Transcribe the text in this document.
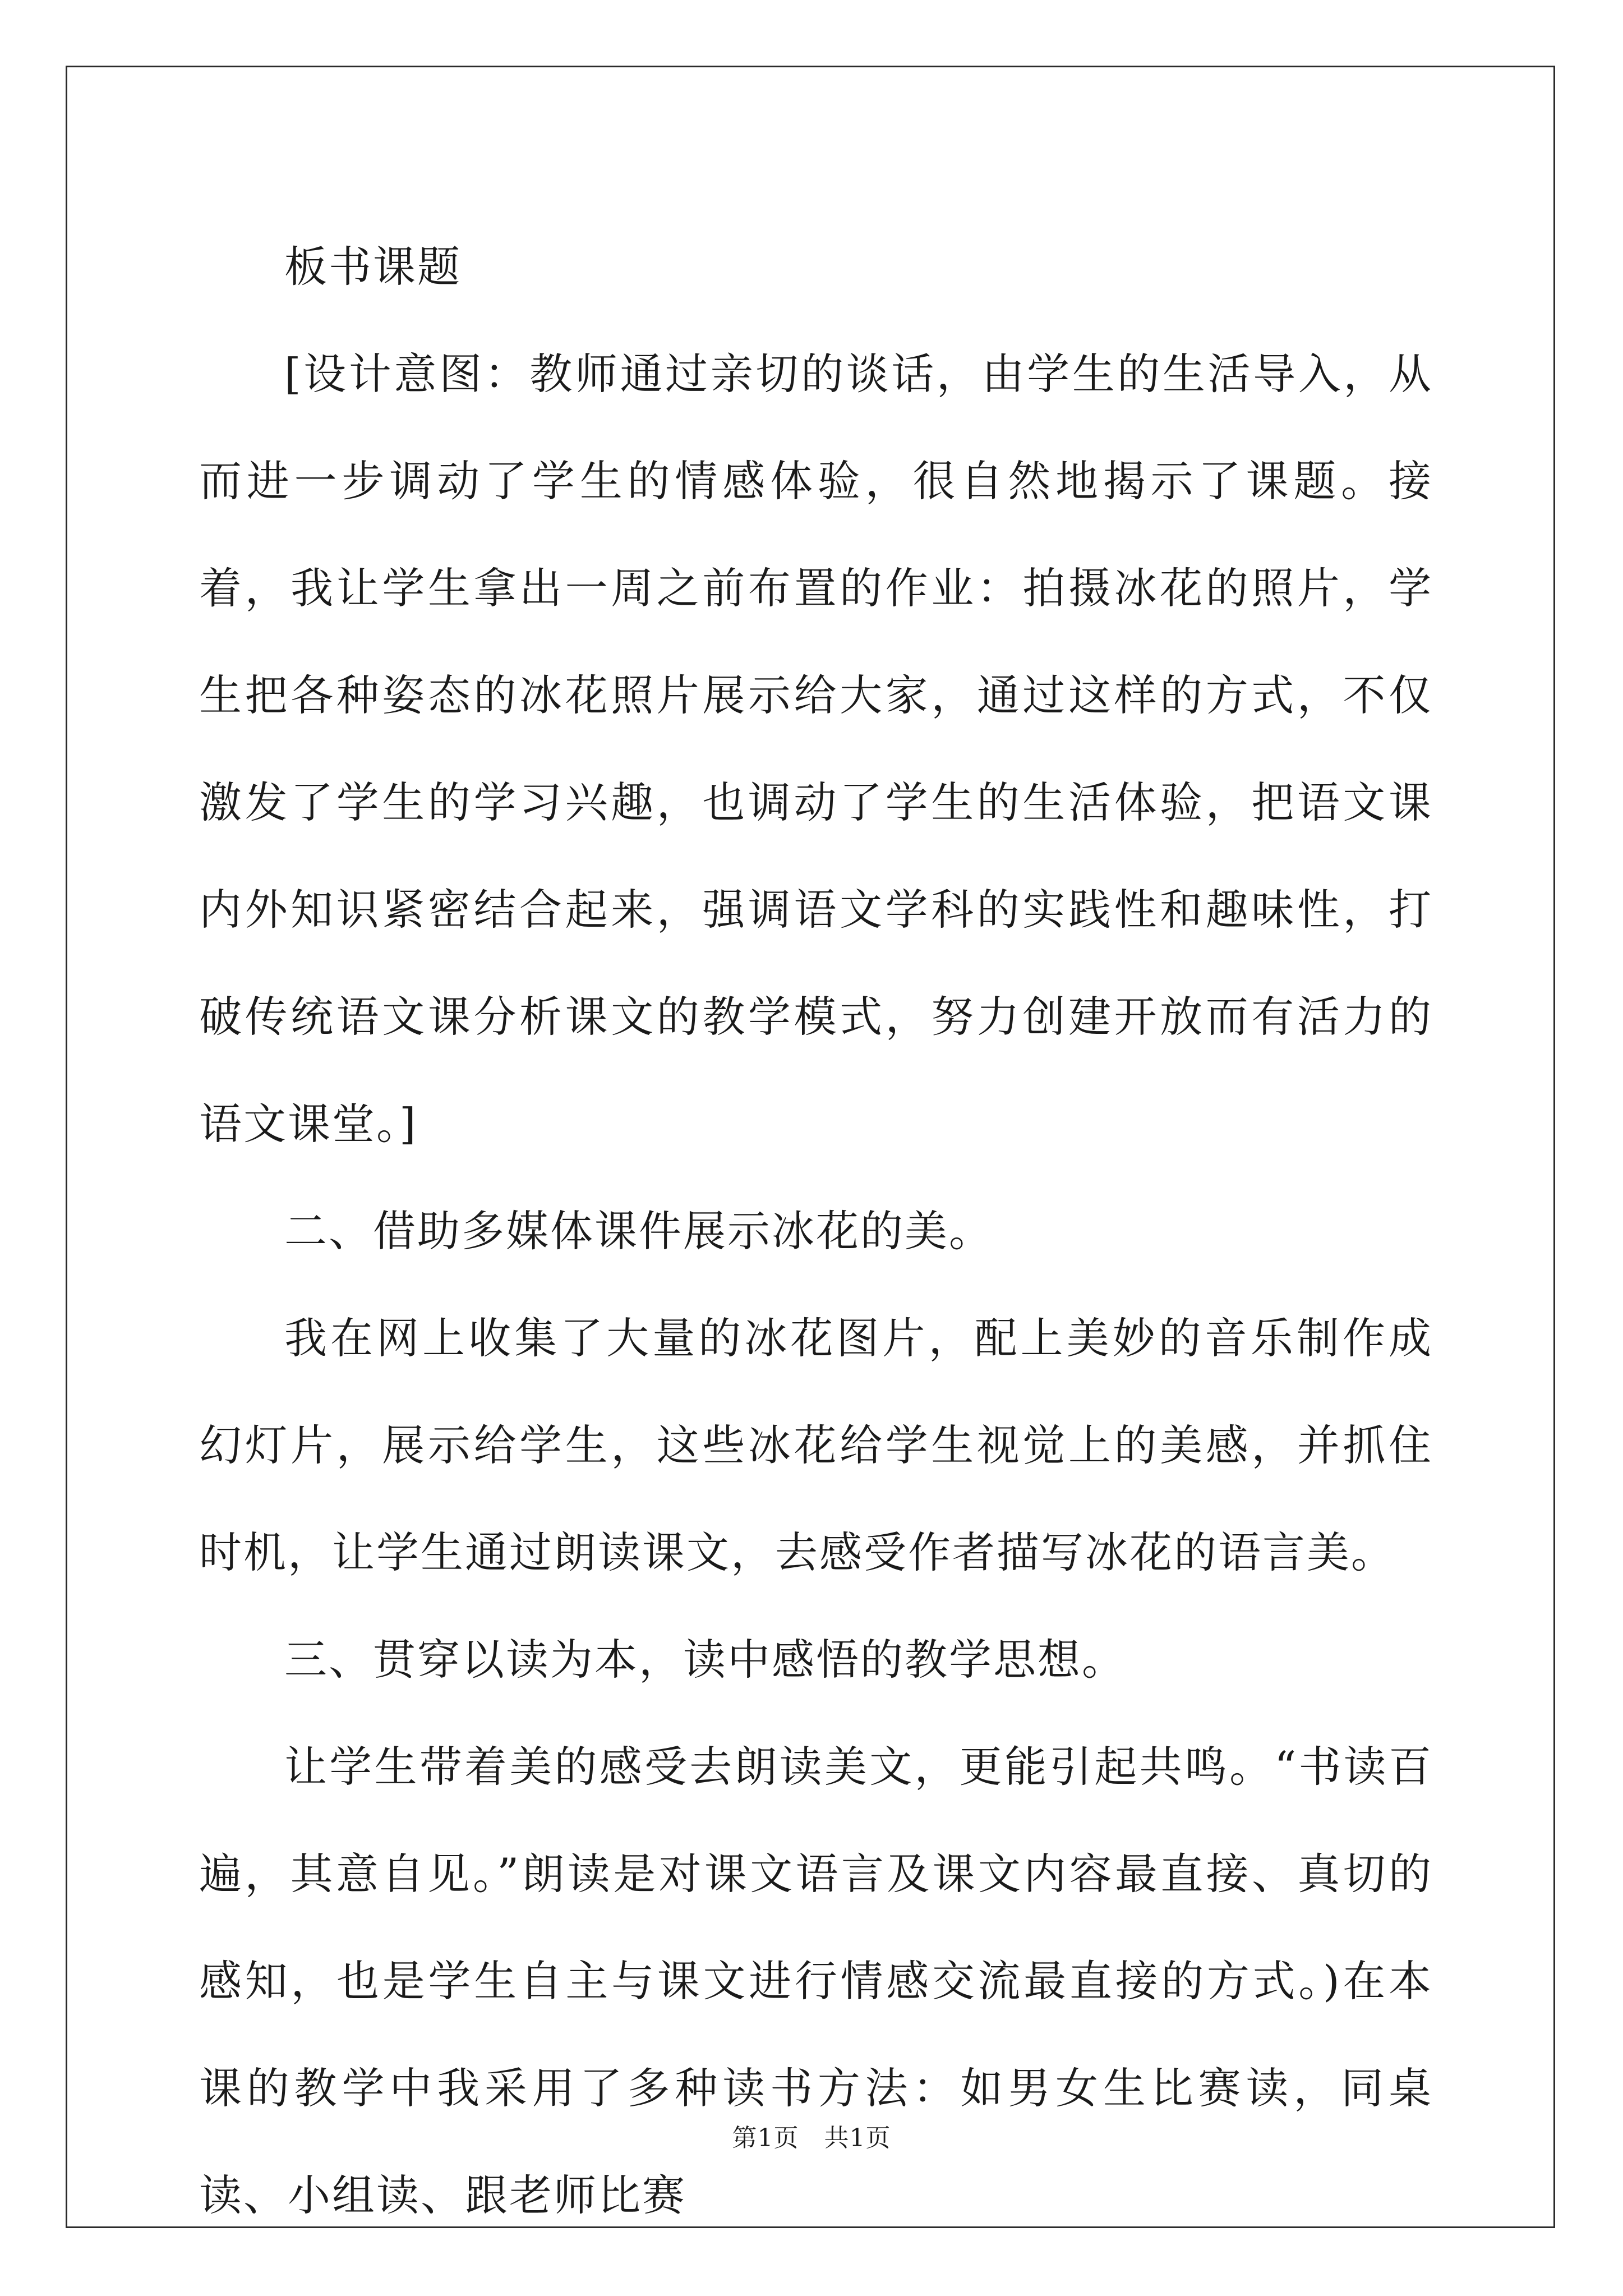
板书课题

[设计意图：教师通过亲切的谈话，由学生的生活导入，从而进一步调动了学生的情感体验，很自然地揭示了课题。接着，我让学生拿出一周之前布置的作业：拍摄冰花的照片，学生把各种姿态的冰花照片展示给大家，通过这样的方式，不仅激发了学生的学习兴趣，也调动了学生的生活体验，把语文课内外知识紧密结合起来，强调语文学科的实践性和趣味性，打破传统语文课分析课文的教学模式，努力创建开放而有活力的语文课堂。]

二、借助多媒体课件展示冰花的美。

我在网上收集了大量的冰花图片，配上美妙的音乐制作成幻灯片，展示给学生，这些冰花给学生视觉上的美感，并抓住时机，让学生通过朗读课文，去感受作者描写冰花的语言美。

三、贯穿以读为本，读中感悟的教学思想。

让学生带着美的感受去朗读美文，更能引起共鸣。“书读百遍，其意自见。”朗读是对课文语言及课文内容最直接、真切的感知，也是学生自主与课文进行情感交流最直接的方式。)在本课的教学中我采用了多种读书方法：如男女生比赛读，同桌读、小组读、跟老师比赛

第1页　共1页
